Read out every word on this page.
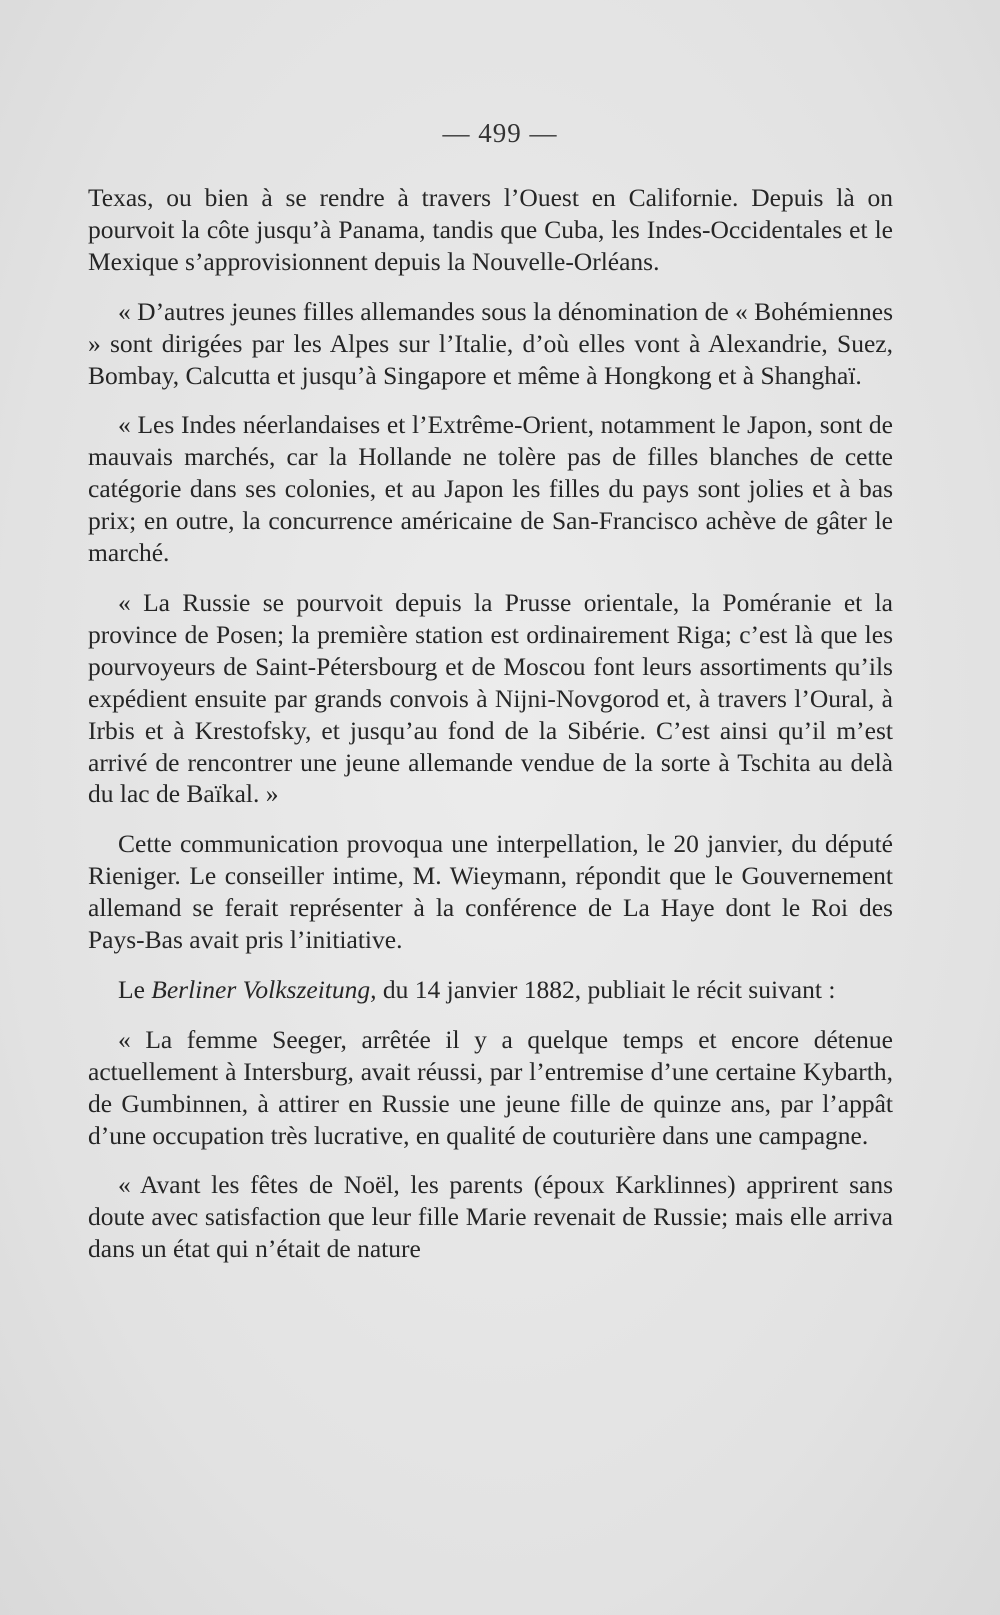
— 499 —

Texas, ou bien à se rendre à travers l’Ouest en Californie. Depuis là on pourvoit la côte jusqu’à Panama, tandis que Cuba, les Indes-Occidentales et le Mexique s’approvisionnent depuis la Nouvelle-Orléans.

« D’autres jeunes filles allemandes sous la dénomination de « Bohémiennes » sont dirigées par les Alpes sur l’Italie, d’où elles vont à Alexandrie, Suez, Bombay, Calcutta et jusqu’à Singapore et même à Hongkong et à Shanghaï.

« Les Indes néerlandaises et l’Extrême-Orient, notamment le Japon, sont de mauvais marchés, car la Hollande ne tolère pas de filles blanches de cette catégorie dans ses colonies, et au Japon les filles du pays sont jolies et à bas prix; en outre, la concurrence américaine de San-Francisco achève de gâter le marché.

« La Russie se pourvoit depuis la Prusse orientale, la Poméranie et la province de Posen; la première station est ordinairement Riga; c’est là que les pourvoyeurs de Saint-Pétersbourg et de Moscou font leurs assortiments qu’ils expédient ensuite par grands convois à Nijni-Novgorod et, à travers l’Oural, à Irbis et à Krestofsky, et jusqu’au fond de la Sibérie. C’est ainsi qu’il m’est arrivé de rencontrer une jeune allemande vendue de la sorte à Tschita au delà du lac de Baïkal. »

Cette communication provoqua une interpellation, le 20 janvier, du député Rieniger. Le conseiller intime, M. Wieymann, répondit que le Gouvernement allemand se ferait représenter à la conférence de La Haye dont le Roi des Pays-Bas avait pris l’initiative.

Le Berliner Volkszeitung, du 14 janvier 1882, publiait le récit suivant :

« La femme Seeger, arrêtée il y a quelque temps et encore détenue actuellement à Intersburg, avait réussi, par l’entremise d’une certaine Kybarth, de Gumbinnen, à attirer en Russie une jeune fille de quinze ans, par l’appât d’une occupation très lucrative, en qualité de couturière dans une campagne.

« Avant les fêtes de Noël, les parents (époux Karklinnes) apprirent sans doute avec satisfaction que leur fille Marie revenait de Russie; mais elle arriva dans un état qui n’était de nature
